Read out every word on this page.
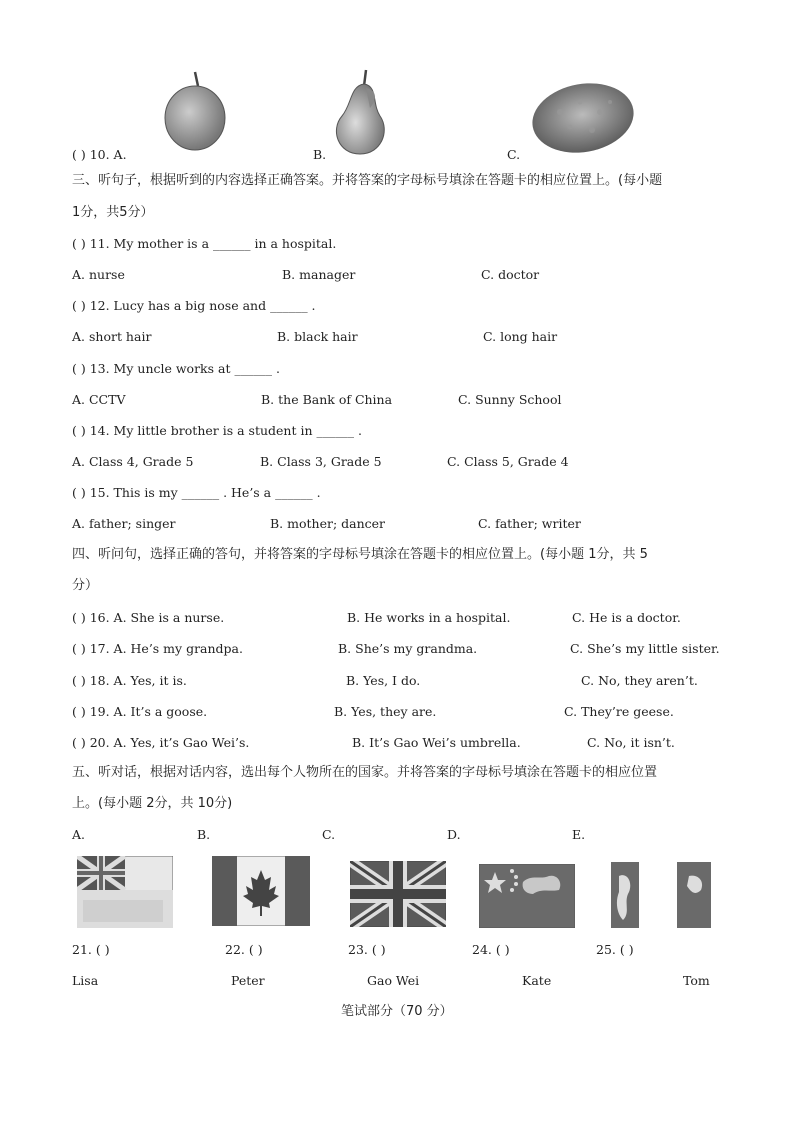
( ) 10. A.	B.	C.
三、听句子，根据听到的内容选择正确答案。并将答案的字母标号填涂在答题卡的相应位置上。(每小题
1分，共5分）
( ) 11. My mother is a ______ in a hospital.
A. nurse	B. manager	C. doctor
( ) 12. Lucy has a big nose and ______ .
A. short hair	B. black hair	C. long hair
( ) 13. My uncle works at ______ .
A. CCTV	B. the Bank of China	C. Sunny School
( ) 14. My little brother is a student in ______ .
A. Class 4, Grade 5	B. Class 3, Grade 5	C. Class 5, Grade 4
( ) 15. This is my ______ . He’s a ______ .
A. father; singer	B. mother; dancer	C. father; writer
四、听问句，选择正确的答句，并将答案的字母标号填涂在答题卡的相应位置上。(每小题 1分，共 5
分）
( ) 16. A. She is a nurse.	B. He works in a hospital.	C. He is a doctor.
( ) 17. A. He’s my grandpa.	B. She’s my grandma.	C. She’s my little sister.
( ) 18. A. Yes, it is.	B. Yes, I do.	C. No, they aren’t.
( ) 19. A. It’s a goose.	B. Yes, they are.	C. They’re geese.
( ) 20. A. Yes, it’s Gao Wei’s.	B. It’s Gao Wei’s umbrella.	C. No, it isn’t.
五、听对话，根据对话内容，选出每个人物所在的国家。并将答案的字母标号填涂在答题卡的相应位置
上。(每小题 2分，共 10分)
A.	B.	C.	D.	E.
21. ( )	22. ( )	23. ( )	24. ( )	25. ( )
Lisa	Peter	Gao Wei	Kate	Tom
笔试部分（70 分）
